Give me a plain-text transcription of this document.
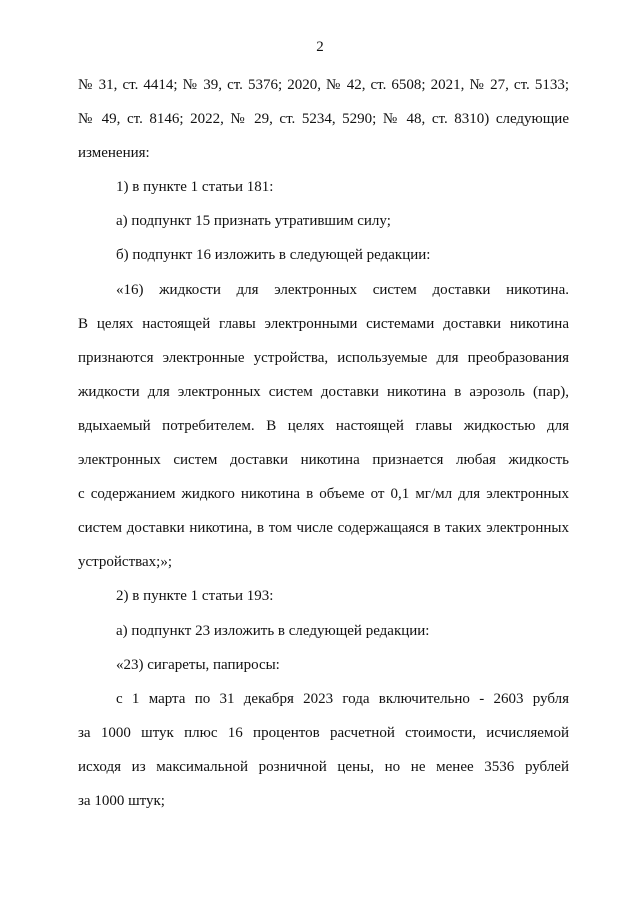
2
№ 31, ст. 4414; № 39, ст. 5376; 2020, № 42, ст. 6508; 2021, № 27, ст. 5133;
№ 49, ст. 8146; 2022, № 29, ст. 5234, 5290; № 48, ст. 8310) следующие
изменения:
1) в пункте 1 статьи 181:
а) подпункт 15 признать утратившим силу;
б) подпункт 16 изложить в следующей редакции:
«16) жидкости для электронных систем доставки никотина.
В целях настоящей главы электронными системами доставки никотина
признаются электронные устройства, используемые для преобразования
жидкости для электронных систем доставки никотина в аэрозоль (пар),
вдыхаемый потребителем. В целях настоящей главы жидкостью для
электронных систем доставки никотина признается любая жидкость
с содержанием жидкого никотина в объеме от 0,1 мг/мл для электронных
систем доставки никотина, в том числе содержащаяся в таких электронных
устройствах;»;
2) в пункте 1 статьи 193:
а) подпункт 23 изложить в следующей редакции:
«23) сигареты, папиросы:
с 1 марта по 31 декабря 2023 года включительно - 2603 рубля
за 1000 штук плюс 16 процентов расчетной стоимости, исчисляемой
исходя из максимальной розничной цены, но не менее 3536 рублей
за 1000 штук;
